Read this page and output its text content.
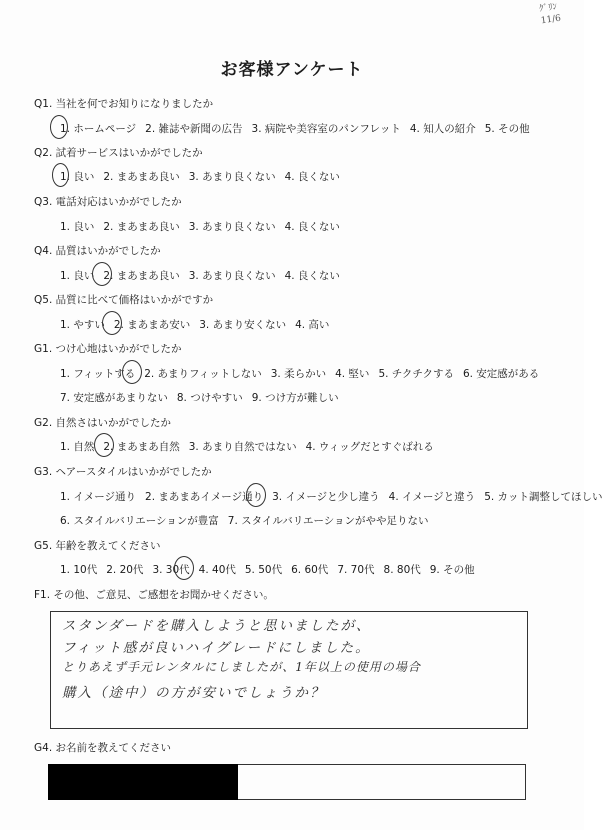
ｸﾞﾘﾝ
11/6
お客様アンケート
Q1. 当社を何でお知りになりましたか
1. ホームページ 2. 雑誌や新聞の広告 3. 病院や美容室のパンフレット 4. 知人の紹介 5. その他
Q2. 試着サービスはいかがでしたか
1. 良い 2. まあまあ良い 3. あまり良くない 4. 良くない
Q3. 電話対応はいかがでしたか
1. 良い 2. まあまあ良い 3. あまり良くない 4. 良くない
Q4. 品質はいかがでしたか
1. 良い 2. まあまあ良い 3. あまり良くない 4. 良くない
Q5. 品質に比べて価格はいかがですか
1. やすい 2. まあまあ安い 3. あまり安くない 4. 高い
G1. つけ心地はいかがでしたか
1. フィットする 2. あまりフィットしない 3. 柔らかい 4. 堅い 5. チクチクする 6. 安定感がある
7. 安定感があまりない 8. つけやすい 9. つけ方が難しい
G2. 自然さはいかがでしたか
1. 自然 2. まあまあ自然 3. あまり自然ではない 4. ウィッグだとすぐばれる
G3. ヘアースタイルはいかがでしたか
1. イメージ通り 2. まあまあイメージ通り 3. イメージと少し違う 4. イメージと違う 5. カット調整してほしい
6. スタイルバリエーションが豊富 7. スタイルバリエーションがやや足りない
G5. 年齢を教えてください
1. 10代 2. 20代 3. 30代 4. 40代 5. 50代 6. 60代 7. 70代 8. 80代 9. その他
F1. その他、ご意見、ご感想をお聞かせください。
スタンダードを購入しようと思いましたが、
フィット感が良いハイグレードにしました。
とりあえず手元レンタルにしましたが、1年以上の使用の場合
購入（途中）の方が安いでしょうか？
G4. お名前を教えてください
